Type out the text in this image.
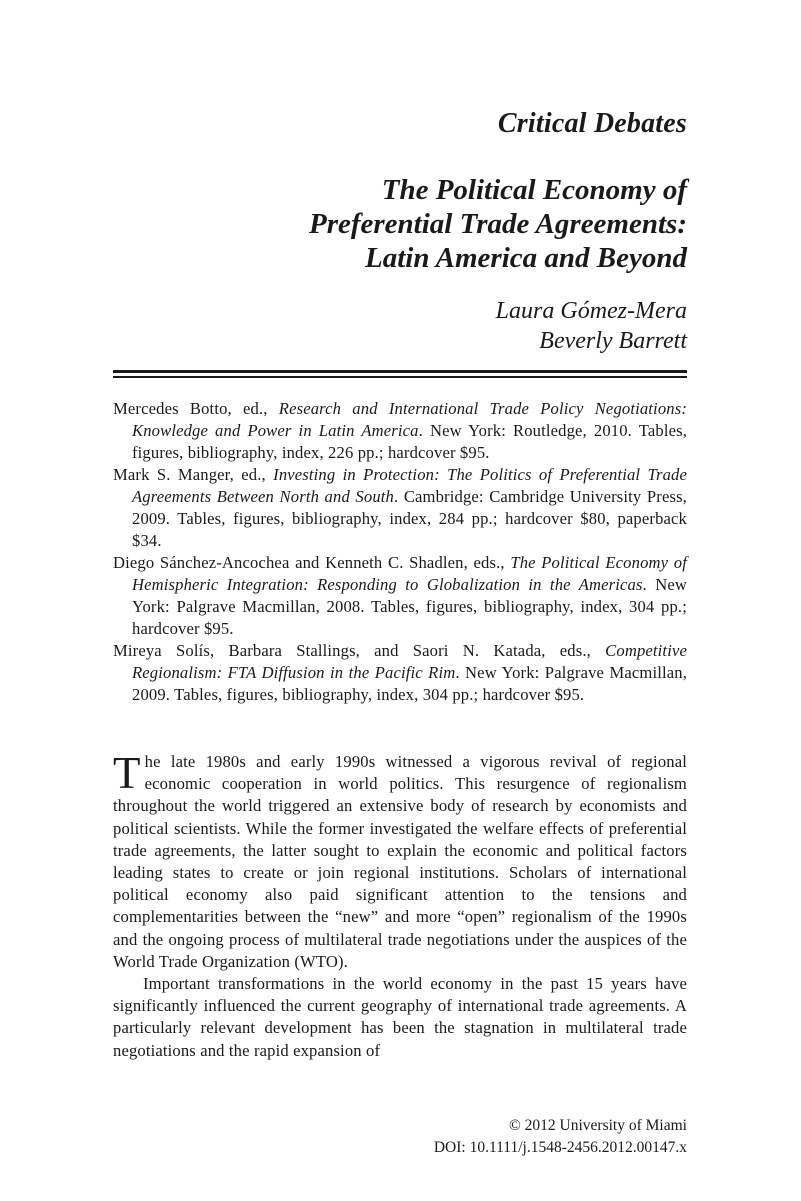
Critical Debates
The Political Economy of
Preferential Trade Agreements:
Latin America and Beyond
Laura Gómez-Mera
Beverly Barrett
Mercedes Botto, ed., Research and International Trade Policy Negotiations: Knowledge and Power in Latin America. New York: Routledge, 2010. Tables, figures, bibliography, index, 226 pp.; hardcover $95.
Mark S. Manger, ed., Investing in Protection: The Politics of Preferential Trade Agreements Between North and South. Cambridge: Cambridge University Press, 2009. Tables, figures, bibliography, index, 284 pp.; hardcover $80, paperback $34.
Diego Sánchez-Ancochea and Kenneth C. Shadlen, eds., The Political Economy of Hemispheric Integration: Responding to Globalization in the Americas. New York: Palgrave Macmillan, 2008. Tables, figures, bibliography, index, 304 pp.; hardcover $95.
Mireya Solís, Barbara Stallings, and Saori N. Katada, eds., Competitive Regionalism: FTA Diffusion in the Pacific Rim. New York: Palgrave Macmillan, 2009. Tables, figures, bibliography, index, 304 pp.; hardcover $95.

The late 1980s and early 1990s witnessed a vigorous revival of regional economic cooperation in world politics. This resurgence of regionalism throughout the world triggered an extensive body of research by economists and political scientists. While the former investigated the welfare effects of preferential trade agreements, the latter sought to explain the economic and political factors leading states to create or join regional institutions. Scholars of international political economy also paid significant attention to the tensions and complementarities between the “new” and more “open” regionalism of the 1990s and the ongoing process of multilateral trade negotiations under the auspices of the World Trade Organization (WTO).

Important transformations in the world economy in the past 15 years have significantly influenced the current geography of international trade agreements. A particularly relevant development has been the stagnation in multilateral trade negotiations and the rapid expansion of

© 2012 University of Miami
DOI: 10.1111/j.1548-2456.2012.00147.x
